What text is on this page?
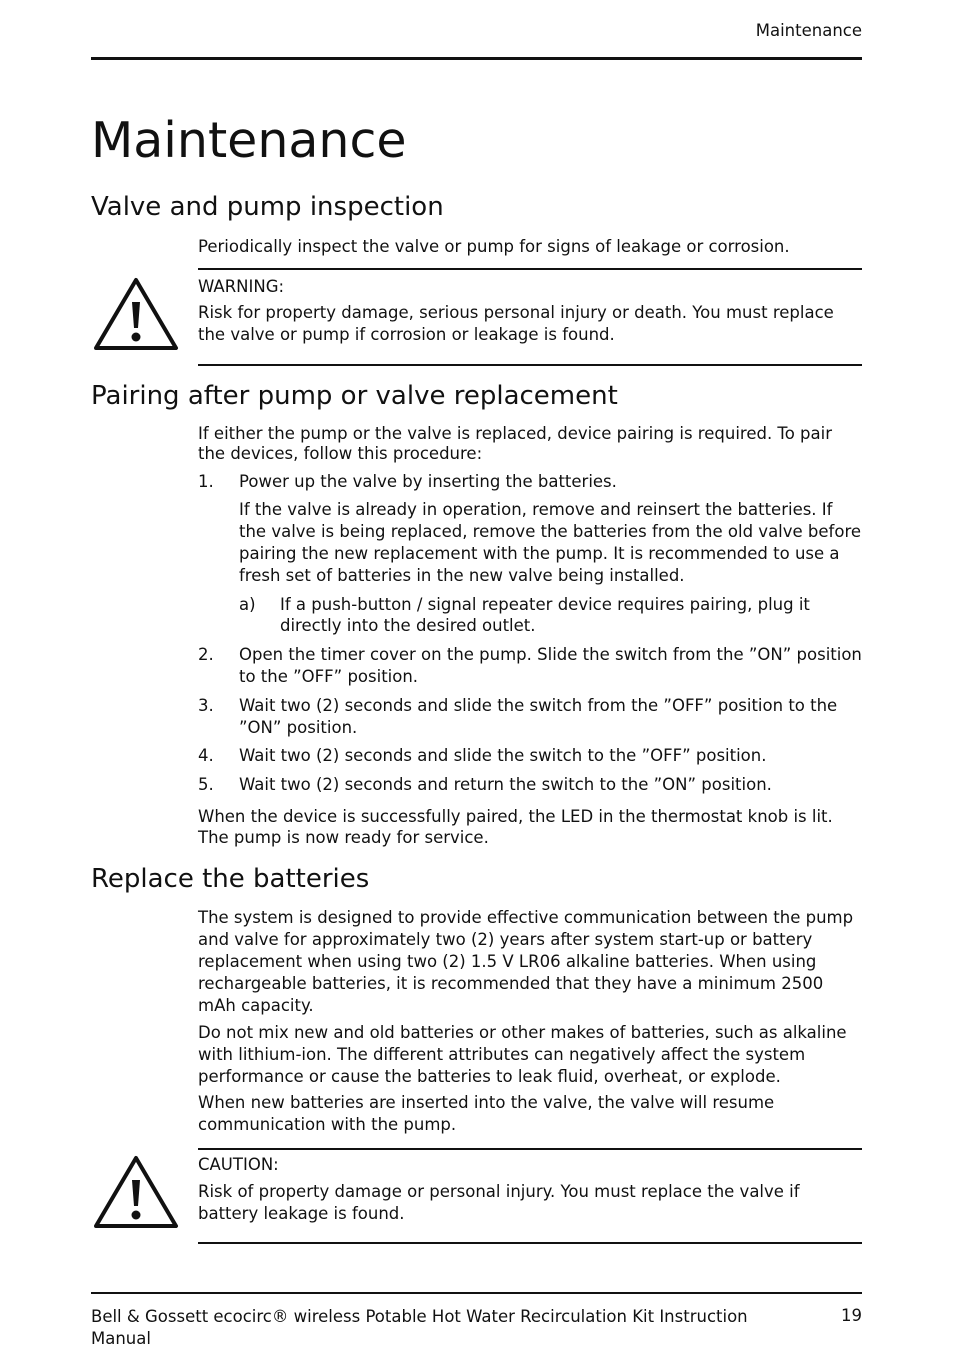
Maintenance
Maintenance
Valve and pump inspection
Periodically inspect the valve or pump for signs of leakage or corrosion.
WARNING:
Risk for property damage, serious personal injury or death. You must replace the valve or pump if corrosion or leakage is found.
Pairing after pump or valve replacement
If either the pump or the valve is replaced, device pairing is required. To pair the devices, follow this procedure:
1. Power up the valve by inserting the batteries.
If the valve is already in operation, remove and reinsert the batteries. If the valve is being replaced, remove the batteries from the old valve before pairing the new replacement with the pump. It is recommended to use a fresh set of batteries in the new valve being installed.
a) If a push-button / signal repeater device requires pairing, plug it directly into the desired outlet.
2. Open the timer cover on the pump. Slide the switch from the ”ON” position to the ”OFF” position.
3. Wait two (2) seconds and slide the switch from the ”OFF” position to the ”ON” position.
4. Wait two (2) seconds and slide the switch to the ”OFF” position.
5. Wait two (2) seconds and return the switch to the ”ON” position.
When the device is successfully paired, the LED in the thermostat knob is lit. The pump is now ready for service.
Replace the batteries
The system is designed to provide effective communication between the pump and valve for approximately two (2) years after system start-up or battery replacement when using two (2) 1.5 V LR06 alkaline batteries. When using rechargeable batteries, it is recommended that they have a minimum 2500 mAh capacity.
Do not mix new and old batteries or other makes of batteries, such as alkaline with lithium-ion. The different attributes can negatively affect the system performance or cause the batteries to leak fluid, overheat, or explode.
When new batteries are inserted into the valve, the valve will resume communication with the pump.
CAUTION:
Risk of property damage or personal injury. You must replace the valve if battery leakage is found.
Bell & Gossett ecocirc® wireless Potable Hot Water Recirculation Kit Instruction Manual
19
